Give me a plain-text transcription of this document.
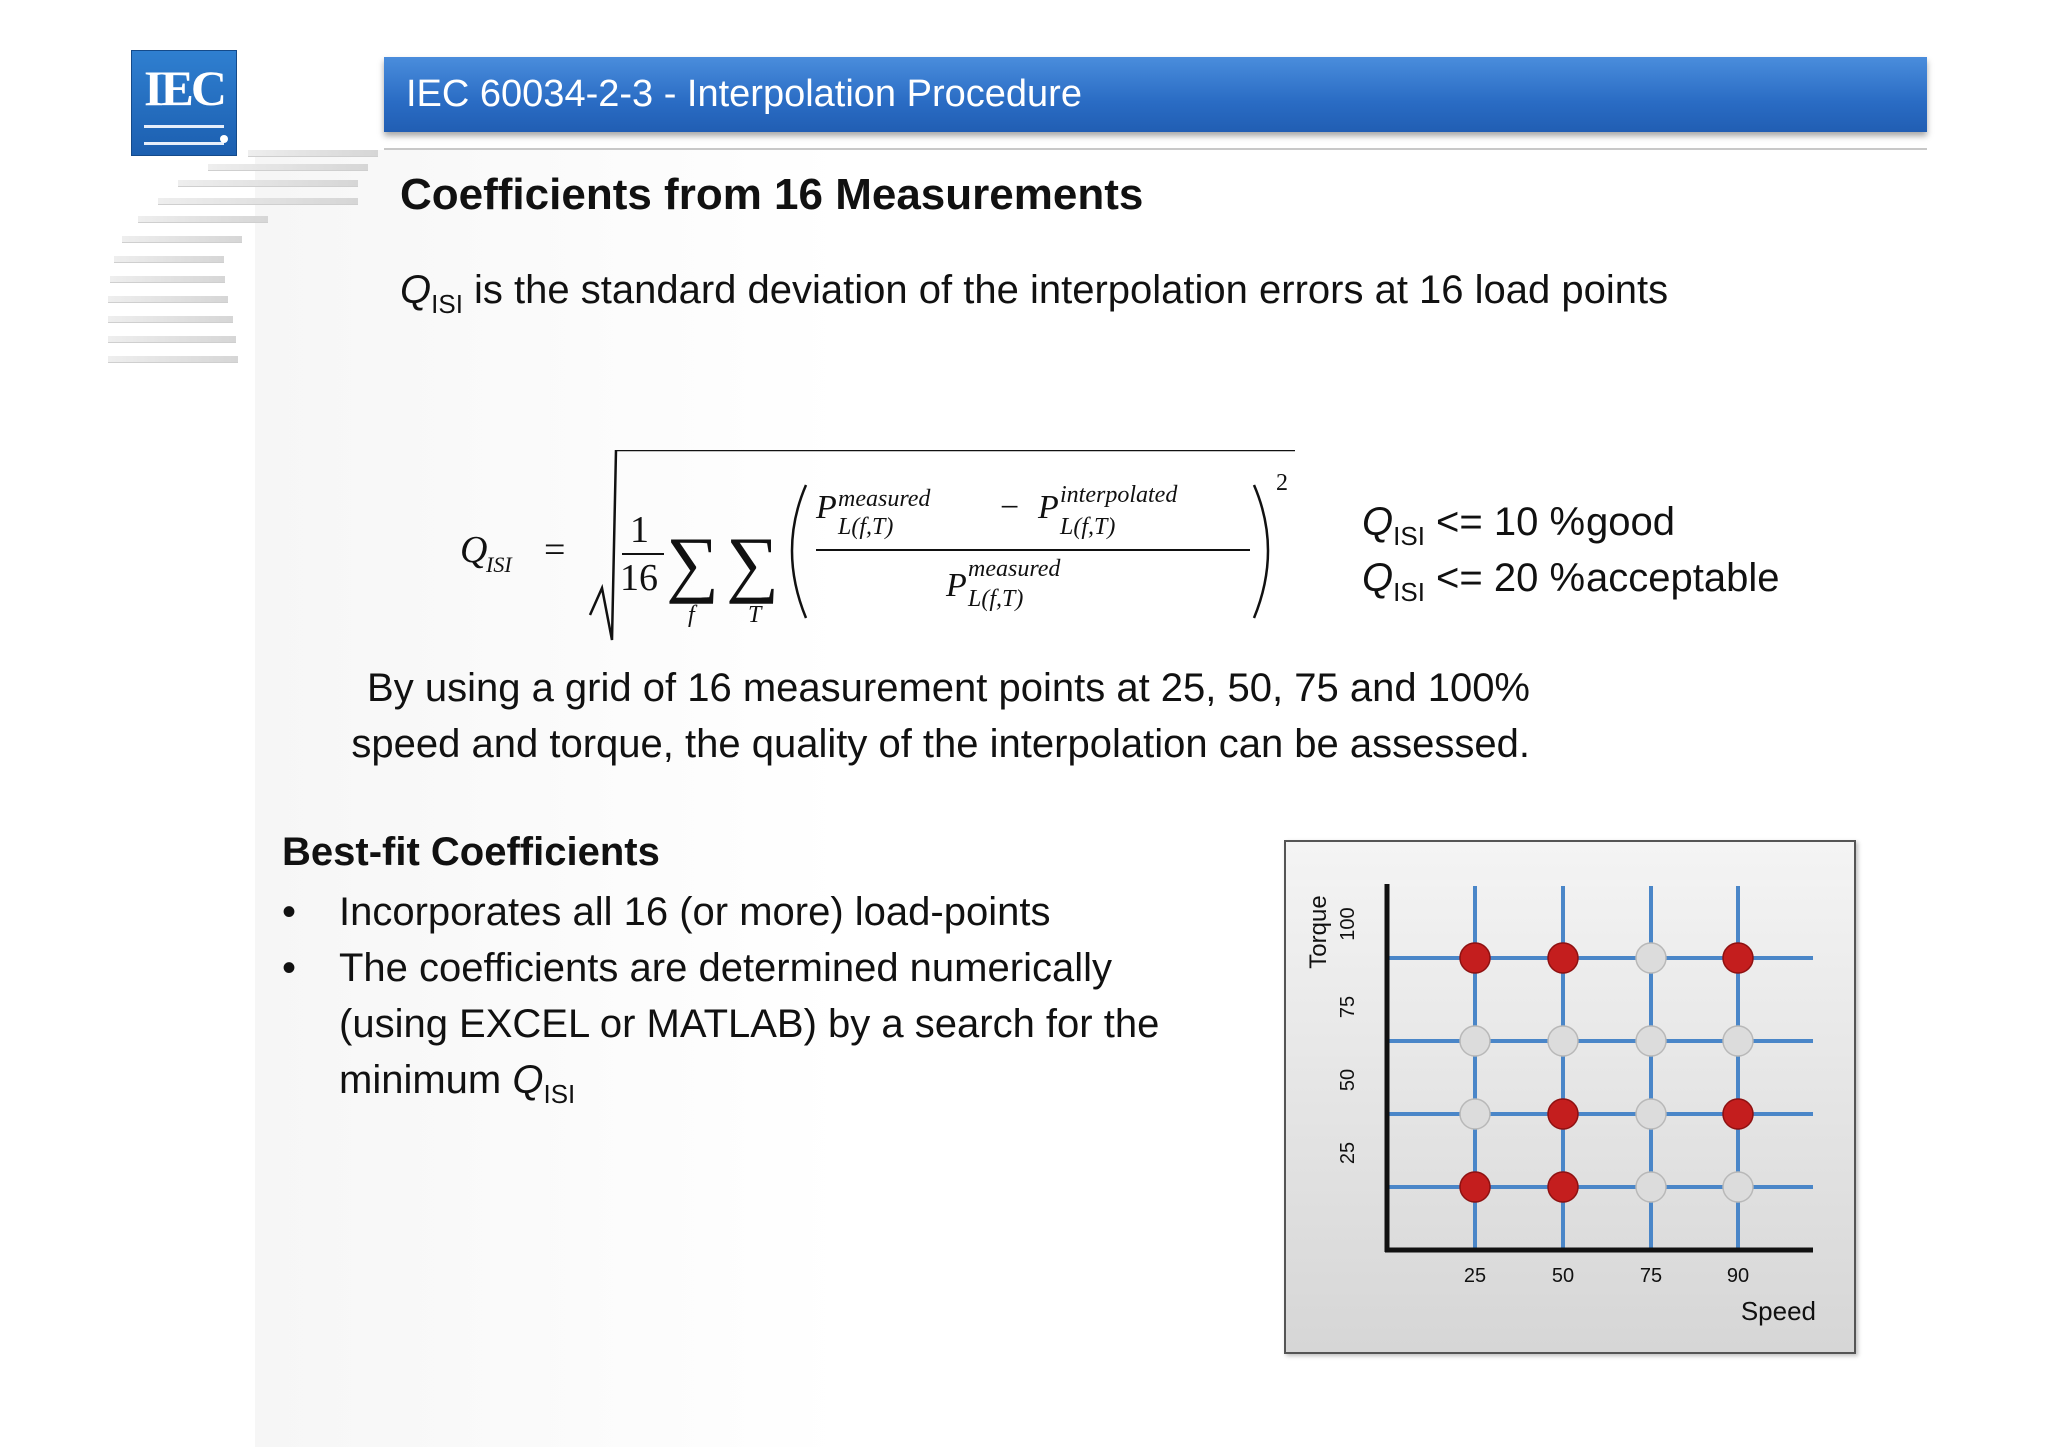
IEC	IEC 60034-2-3 - Interpolation Procedure
Coefficients from 16 Measurements
$Q_{ISI}$ is the standard deviation of the interpolation errors at 16 load points
Q
ISI = 1
16 ∑
f
∑
T
P measured
L(f,T)
− P interpolated
L(f,T)
P measured
L(f,T)
2
$Q_{ISI} <= 10$ %good
$Q_{ISI} <= 20$ %acceptable
By using a grid of 16 measurement points at 25, 50, 75 and 100%
speed and torque, the quality of the interpolation can be assessed.
Best-fit Coefficients
• Incorporates all 16 (or more) load-points
• The coefficients are determined numerically
(using EXCEL or MATLAB) by a search for the
minimum $Q_{ISI}$
25
50
75
100
Torque
25	50	75	90
Speed
